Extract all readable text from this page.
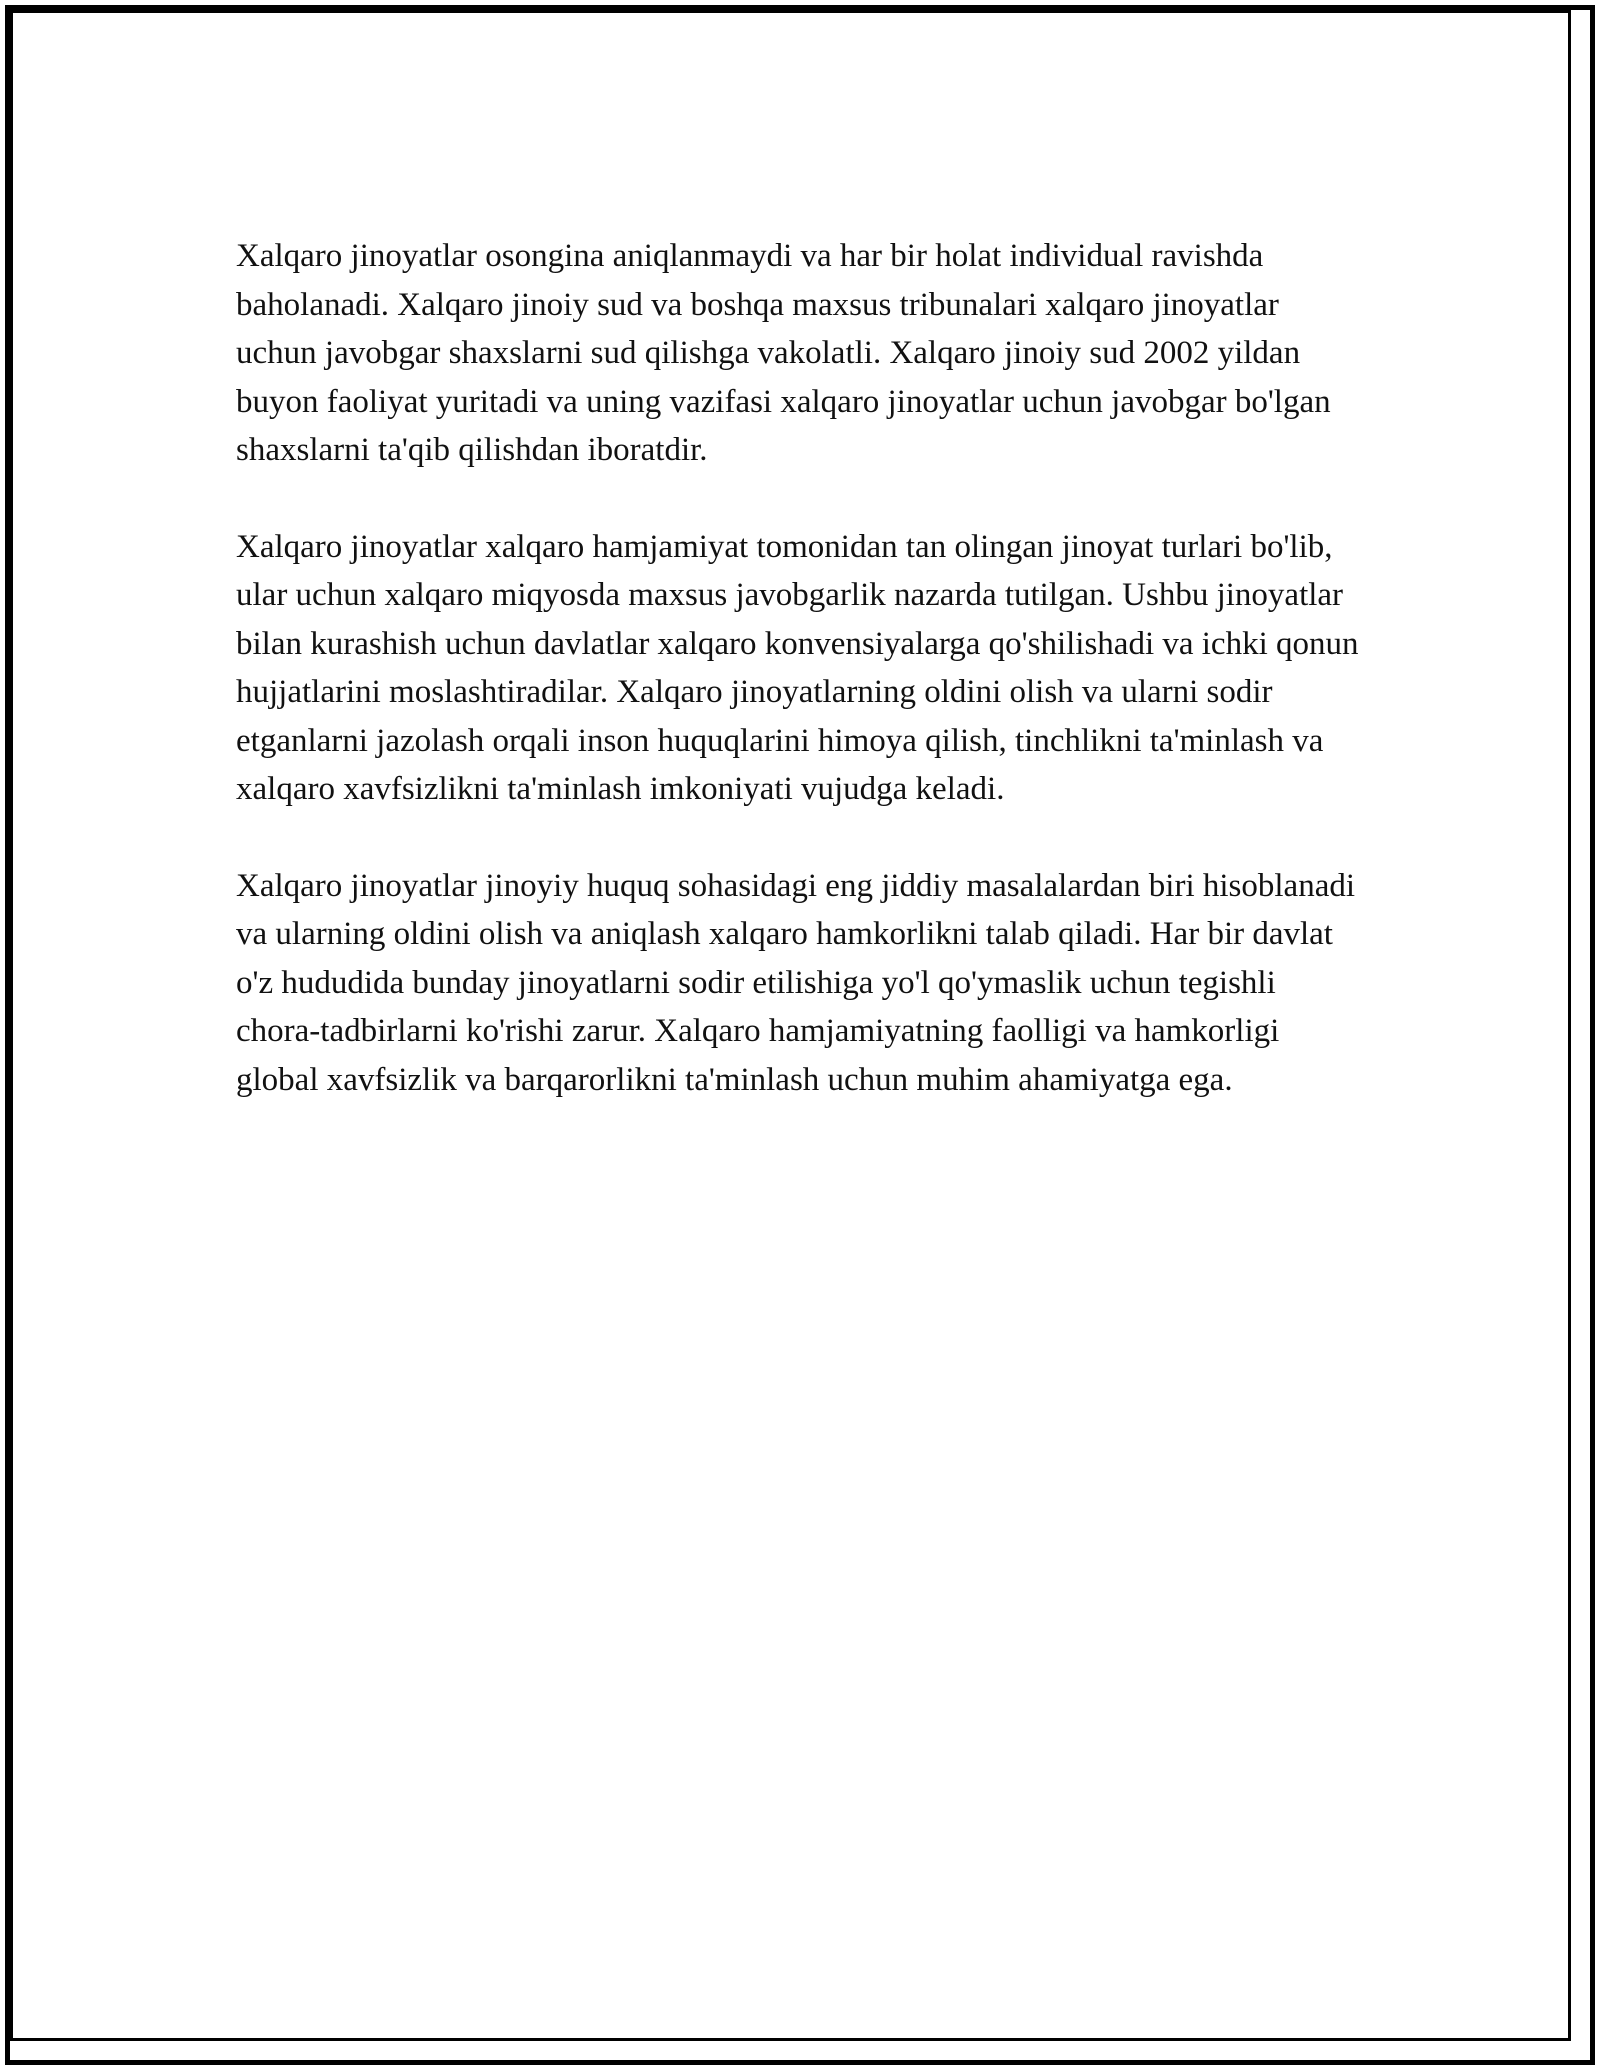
Xalqaro jinoyatlar osongina aniqlanmaydi va har bir holat individual ravishda baholanadi. Xalqaro jinoiy sud va boshqa maxsus tribunalari xalqaro jinoyatlar uchun javobgar shaxslarni sud qilishga vakolatli. Xalqaro jinoiy sud 2002 yildan buyon faoliyat yuritadi va uning vazifasi xalqaro jinoyatlar uchun javobgar bo'lgan shaxslarni ta'qib qilishdan iboratdir.

Xalqaro jinoyatlar xalqaro hamjamiyat tomonidan tan olingan jinoyat turlari bo'lib, ular uchun xalqaro miqyosda maxsus javobgarlik nazarda tutilgan. Ushbu jinoyatlar bilan kurashish uchun davlatlar xalqaro konvensiyalarga qo'shilishadi va ichki qonun hujjatlarini moslashtiradilar. Xalqaro jinoyatlarning oldini olish va ularni sodir etganlarni jazolash orqali inson huquqlarini himoya qilish, tinchlikni ta'minlash va xalqaro xavfsizlikni ta'minlash imkoniyati vujudga keladi.

Xalqaro jinoyatlar jinoyiy huquq sohasidagi eng jiddiy masalalardan biri hisoblanadi va ularning oldini olish va aniqlash xalqaro hamkorlikni talab qiladi. Har bir davlat o'z hududida bunday jinoyatlarni sodir etilishiga yo'l qo'ymaslik uchun tegishli chora-tadbirlarni ko'rishi zarur. Xalqaro hamjamiyatning faolligi va hamkorligi global xavfsizlik va barqarorlikni ta'minlash uchun muhim ahamiyatga ega.
